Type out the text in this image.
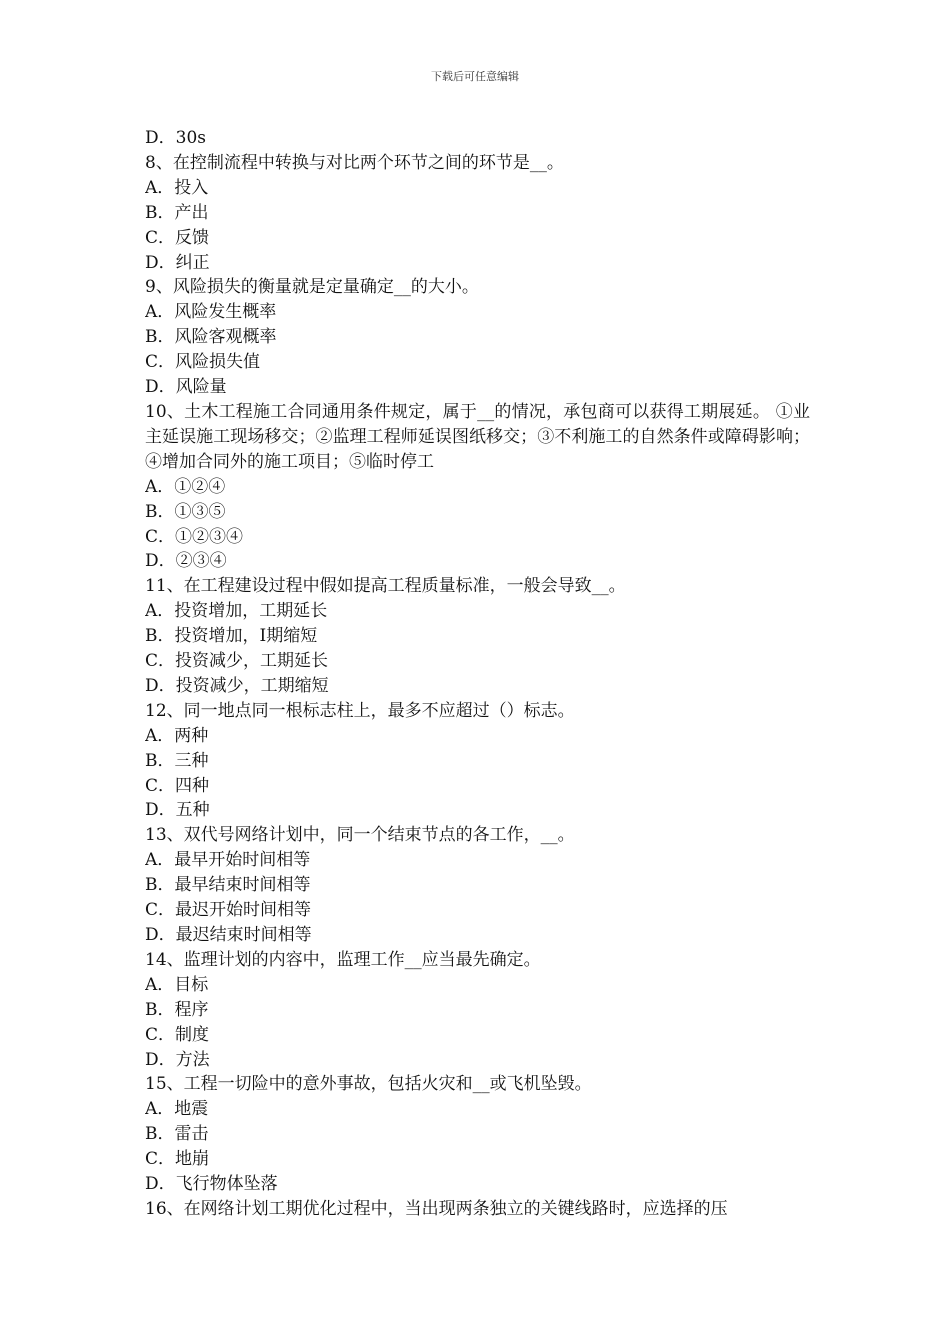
下载后可任意编辑
D．30s
8、在控制流程中转换与对比两个环节之间的环节是__。
A．投入
B．产出
C．反馈
D．纠正
9、风险损失的衡量就是定量确定__的大小。
A．风险发生概率
B．风险客观概率
C．风险损失值
D．风险量
10、土木工程施工合同通用条件规定，属于__的情况，承包商可以获得工期展延。 ①业主延误施工现场移交；②监理工程师延误图纸移交；③不利施工的自然条件或障碍影响；④增加合同外的施工项目；⑤临时停工
A．①②④
B．①③⑤
C．①②③④
D．②③④
11、在工程建设过程中假如提高工程质量标准，一般会导致__。
A．投资增加，工期延长
B．投资增加，I期缩短
C．投资减少，工期延长
D．投资减少，工期缩短
12、同一地点同一根标志柱上，最多不应超过（）标志。
A．两种
B．三种
C．四种
D．五种
13、双代号网络计划中，同一个结束节点的各工作，__。
A．最早开始时间相等
B．最早结束时间相等
C．最迟开始时间相等
D．最迟结束时间相等
14、监理计划的内容中，监理工作__应当最先确定。
A．目标
B．程序
C．制度
D．方法
15、工程一切险中的意外事故，包括火灾和__或飞机坠毁。
A．地震
B．雷击
C．地崩
D．飞行物体坠落
16、在网络计划工期优化过程中，当出现两条独立的关键线路时，应选择的压
